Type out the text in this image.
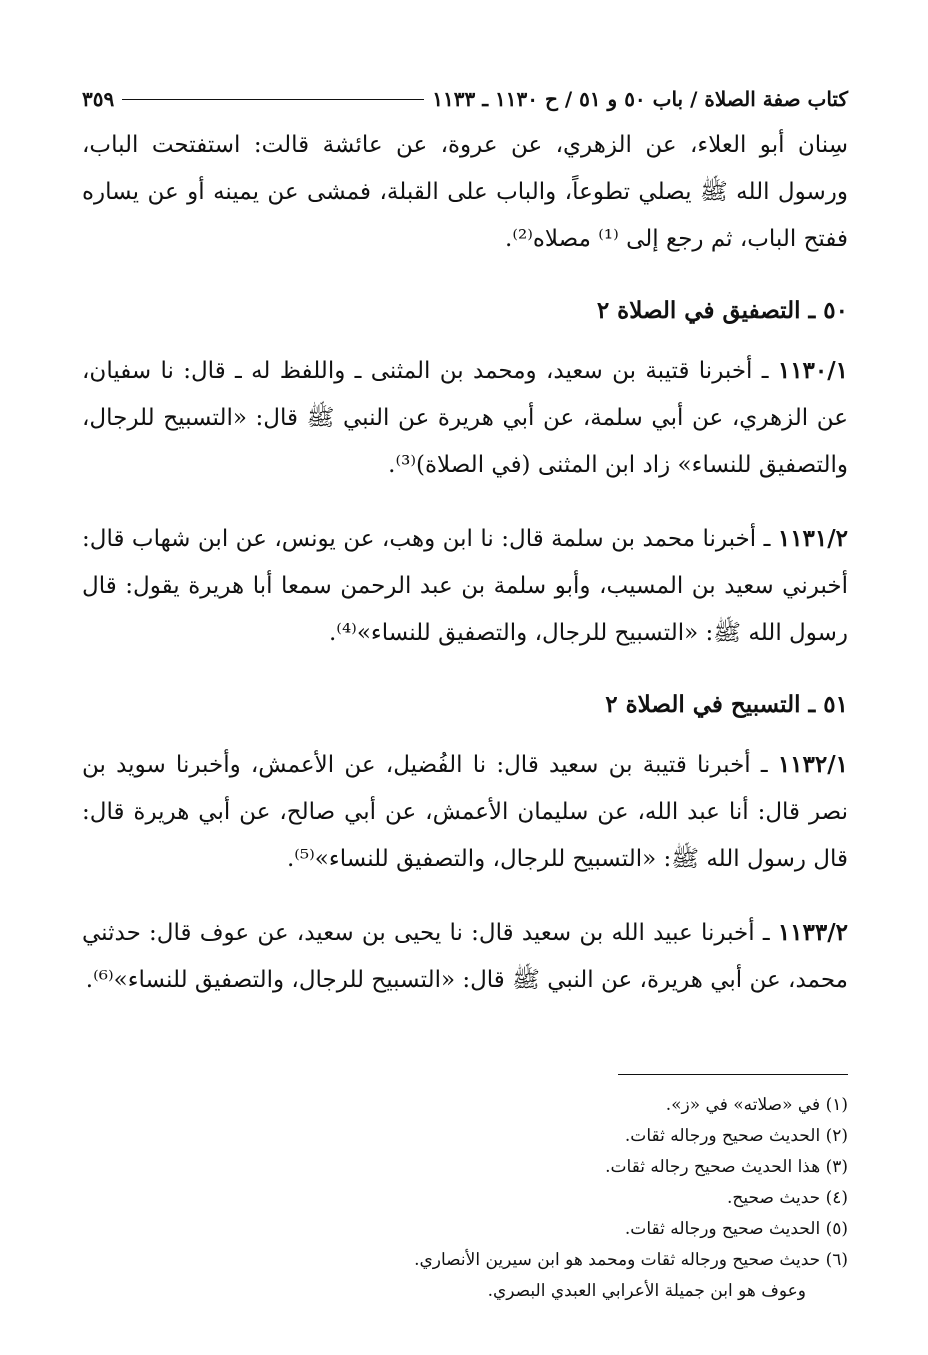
كتاب صفة الصلاة / باب ٥٠ و ٥١ / ح ١١٣٠ ـ ١١٣٣
٣٥٩

سِنان أبو العلاء، عن الزهري، عن عروة، عن عائشة قالت: استفتحت الباب، ورسول الله ﷺ يصلي تطوعاً، والباب على القبلة، فمشى عن يمينه أو عن يساره ففتح الباب، ثم رجع إلى ⁽¹⁾ مصلاه⁽²⁾.

٥٠ ـ التصفيق في الصلاة ٢

١١٣٠/١ ـ أخبرنا قتيبة بن سعيد، ومحمد بن المثنى ـ واللفظ له ـ قال: نا سفيان، عن الزهري، عن أبي سلمة، عن أبي هريرة عن النبي ﷺ قال: «التسبيح للرجال، والتصفيق للنساء» زاد ابن المثنى (في الصلاة)⁽³⁾.

١١٣١/٢ ـ أخبرنا محمد بن سلمة قال: نا ابن وهب، عن يونس، عن ابن شهاب قال: أخبرني سعيد بن المسيب، وأبو سلمة بن عبد الرحمن سمعا أبا هريرة يقول: قال رسول الله ﷺ: «التسبيح للرجال، والتصفيق للنساء»⁽⁴⁾.

٥١ ـ التسبيح في الصلاة ٢

١١٣٢/١ ـ أخبرنا قتيبة بن سعيد قال: نا الفُضيل، عن الأعمش، وأخبرنا سويد بن نصر قال: أنا عبد الله، عن سليمان الأعمش، عن أبي صالح، عن أبي هريرة قال: قال رسول الله ﷺ: «التسبيح للرجال، والتصفيق للنساء»⁽⁵⁾.

١١٣٣/٢ ـ أخبرنا عبيد الله بن سعيد قال: نا يحيى بن سعيد، عن عوف قال: حدثني محمد، عن أبي هريرة، عن النبي ﷺ قال: «التسبيح للرجال، والتصفيق للنساء»⁽⁶⁾.

(١) في «صلاته» في «ز».

(٢) الحديث صحيح ورجاله ثقات.

(٣) هذا الحديث صحيح رجاله ثقات.

(٤) حديث صحيح.

(٥) الحديث صحيح ورجاله ثقات.

(٦) حديث صحيح ورجاله ثقات ومحمد هو ابن سيرين الأنصاري.

وعوف هو ابن جميلة الأعرابي العبدي البصري.
